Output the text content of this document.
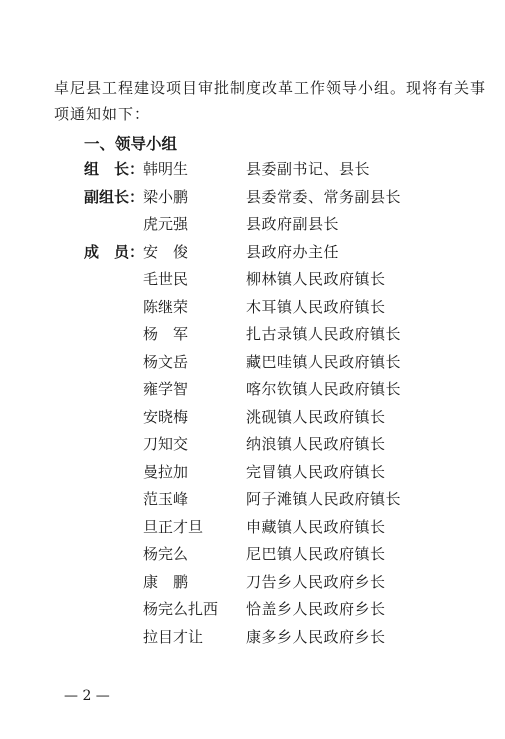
卓尼县工程建设项目审批制度改革工作领导小组。现将有关事
项通知如下：
一、领导小组
组　长：
韩明生	县委副书记、县长
副组长：
梁小鹏	县委常委、常务副县长
虎元强	县政府副县长
成　员：
安　俊	县政府办主任
毛世民	柳林镇人民政府镇长
陈继荣	木耳镇人民政府镇长
杨　军	扎古录镇人民政府镇长
杨文岳	藏巴哇镇人民政府镇长
雍学智	喀尔钦镇人民政府镇长
安晓梅	洮砚镇人民政府镇长
刀知交	纳浪镇人民政府镇长
曼拉加	完冒镇人民政府镇长
范玉峰	阿子滩镇人民政府镇长
旦正才旦	申藏镇人民政府镇长
杨完么	尼巴镇人民政府镇长
康　鹏	刀告乡人民政府乡长
杨完么扎西 恰盖乡人民政府乡长
拉目才让	康多乡人民政府乡长
— 2 —
